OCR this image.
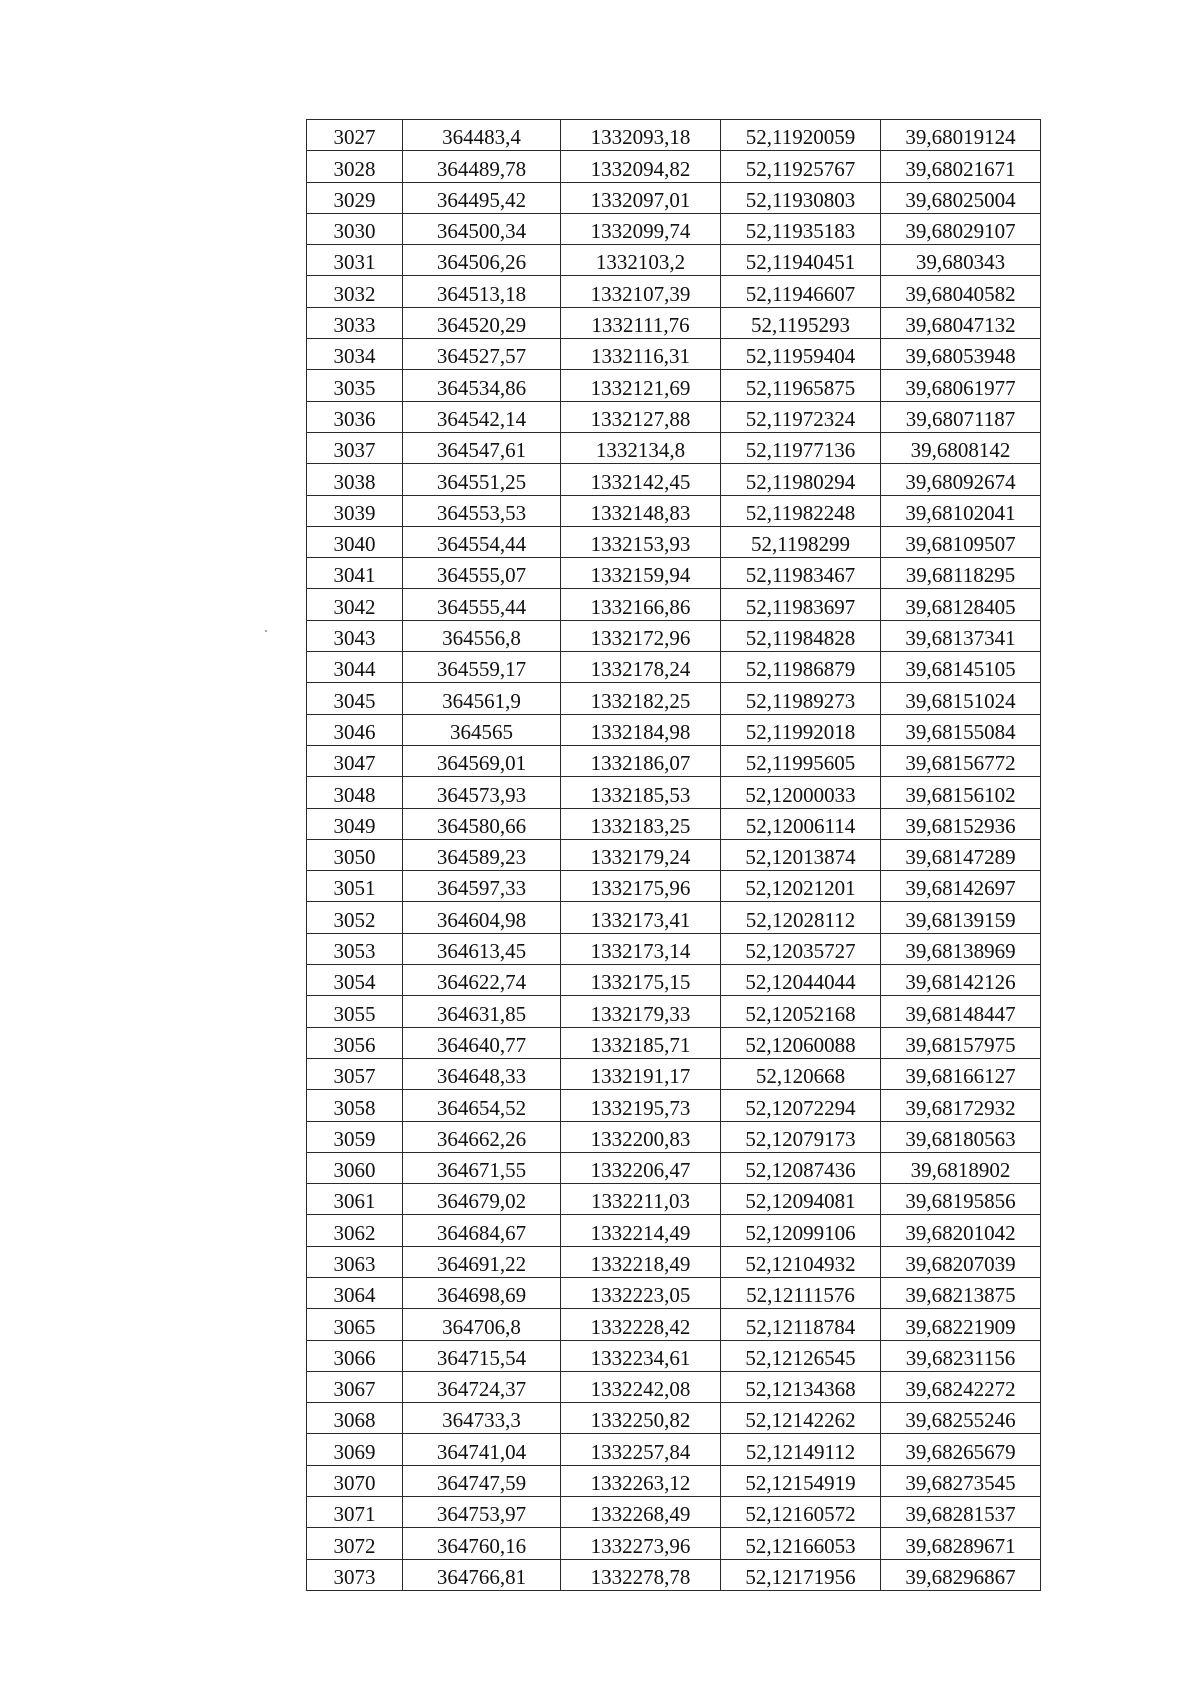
3027	364483,4	1332093,18	52,11920059	39,68019124
3028	364489,78	1332094,82	52,11925767	39,68021671
3029	364495,42	1332097,01	52,11930803	39,68025004
3030	364500,34	1332099,74	52,11935183	39,68029107
3031	364506,26	1332103,2	52,11940451	39,680343
3032	364513,18	1332107,39	52,11946607	39,68040582
3033	364520,29	1332111,76	52,1195293	39,68047132
3034	364527,57	1332116,31	52,11959404	39,68053948
3035	364534,86	1332121,69	52,11965875	39,68061977
3036	364542,14	1332127,88	52,11972324	39,68071187
3037	364547,61	1332134,8	52,11977136	39,6808142
3038	364551,25	1332142,45	52,11980294	39,68092674
3039	364553,53	1332148,83	52,11982248	39,68102041
3040	364554,44	1332153,93	52,1198299	39,68109507
3041	364555,07	1332159,94	52,11983467	39,68118295
3042	364555,44	1332166,86	52,11983697	39,68128405
3043	364556,8	1332172,96	52,11984828	39,68137341
3044	364559,17	1332178,24	52,11986879	39,68145105
3045	364561,9	1332182,25	52,11989273	39,68151024
3046	364565	1332184,98	52,11992018	39,68155084
3047	364569,01	1332186,07	52,11995605	39,68156772
3048	364573,93	1332185,53	52,12000033	39,68156102
3049	364580,66	1332183,25	52,12006114	39,68152936
3050	364589,23	1332179,24	52,12013874	39,68147289
3051	364597,33	1332175,96	52,12021201	39,68142697
3052	364604,98	1332173,41	52,12028112	39,68139159
3053	364613,45	1332173,14	52,12035727	39,68138969
3054	364622,74	1332175,15	52,12044044	39,68142126
3055	364631,85	1332179,33	52,12052168	39,68148447
3056	364640,77	1332185,71	52,12060088	39,68157975
3057	364648,33	1332191,17	52,120668	39,68166127
3058	364654,52	1332195,73	52,12072294	39,68172932
3059	364662,26	1332200,83	52,12079173	39,68180563
3060	364671,55	1332206,47	52,12087436	39,6818902
3061	364679,02	1332211,03	52,12094081	39,68195856
3062	364684,67	1332214,49	52,12099106	39,68201042
3063	364691,22	1332218,49	52,12104932	39,68207039
3064	364698,69	1332223,05	52,12111576	39,68213875
3065	364706,8	1332228,42	52,12118784	39,68221909
3066	364715,54	1332234,61	52,12126545	39,68231156
3067	364724,37	1332242,08	52,12134368	39,68242272
3068	364733,3	1332250,82	52,12142262	39,68255246
3069	364741,04	1332257,84	52,12149112	39,68265679
3070	364747,59	1332263,12	52,12154919	39,68273545
3071	364753,97	1332268,49	52,12160572	39,68281537
3072	364760,16	1332273,96	52,12166053	39,68289671
3073	364766,81	1332278,78	52,12171956	39,68296867
